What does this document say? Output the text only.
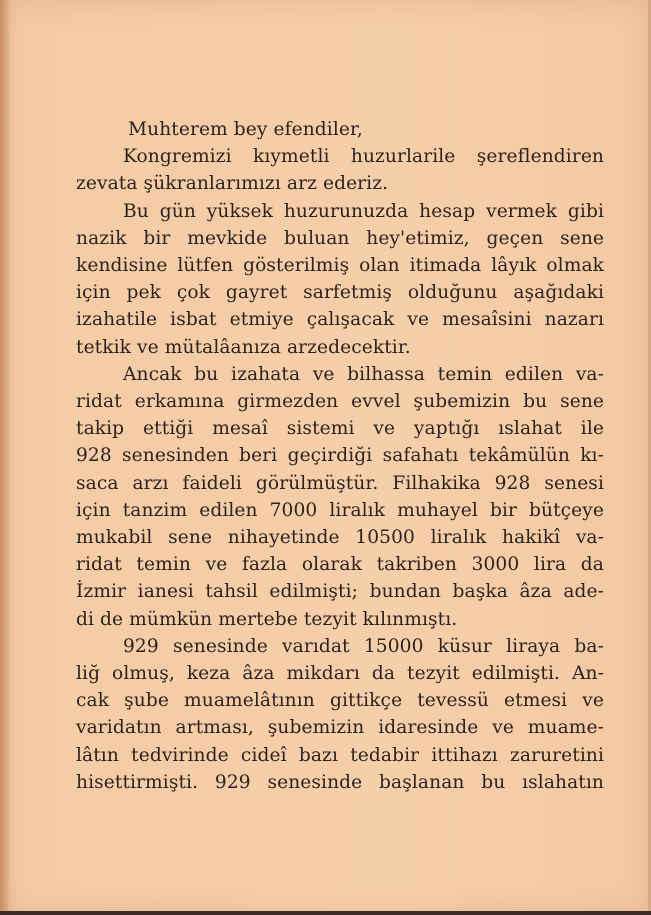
Muhterem bey efendiler,

Kongremizi kıymetli huzurlarile şereflendiren
zevata şükranlarımızı arz ederiz.

Bu gün yüksek huzurunuzda hesap vermek gibi
nazik bir mevkide buluan hey'etimiz, geçen sene
kendisine lütfen gösterilmiş olan itimada lâyık olmak
için pek çok gayret sarfetmiş olduğunu aşağıdaki
izahatile isbat etmiye çalışacak ve mesaîsini nazarı
tetkik ve mütalâanıza arzedecektir.

Ancak bu izahata ve bilhassa temin edilen va-
ridat erkamına girmezden evvel şubemizin bu sene
takip ettiği mesaî sistemi ve yaptığı ıslahat ile
928 senesinden beri geçirdiği safahatı tekâmülün kı-
saca arzı faideli görülmüştür. Filhakika 928 senesi
için tanzim edilen 7000 liralık muhayel bir bütçeye
mukabil sene nihayetinde 10500 liralık hakikî va-
ridat temin ve fazla olarak takriben 3000 lira da
İzmir ianesi tahsil edilmişti; bundan başka âza ade-
di de mümkün mertebe tezyit kılınmıştı.

929 senesinde varıdat 15000 küsur liraya ba-
liğ olmuş, keza âza mikdarı da tezyit edilmişti. An-
cak şube muamelâtının gittikçe tevessü etmesi ve
varidatın artması, şubemizin idaresinde ve muame-
lâtın tedvirinde cideî bazı tedabir ittihazı zaruretini
hisettirmişti. 929 senesinde başlanan bu ıslahatın
